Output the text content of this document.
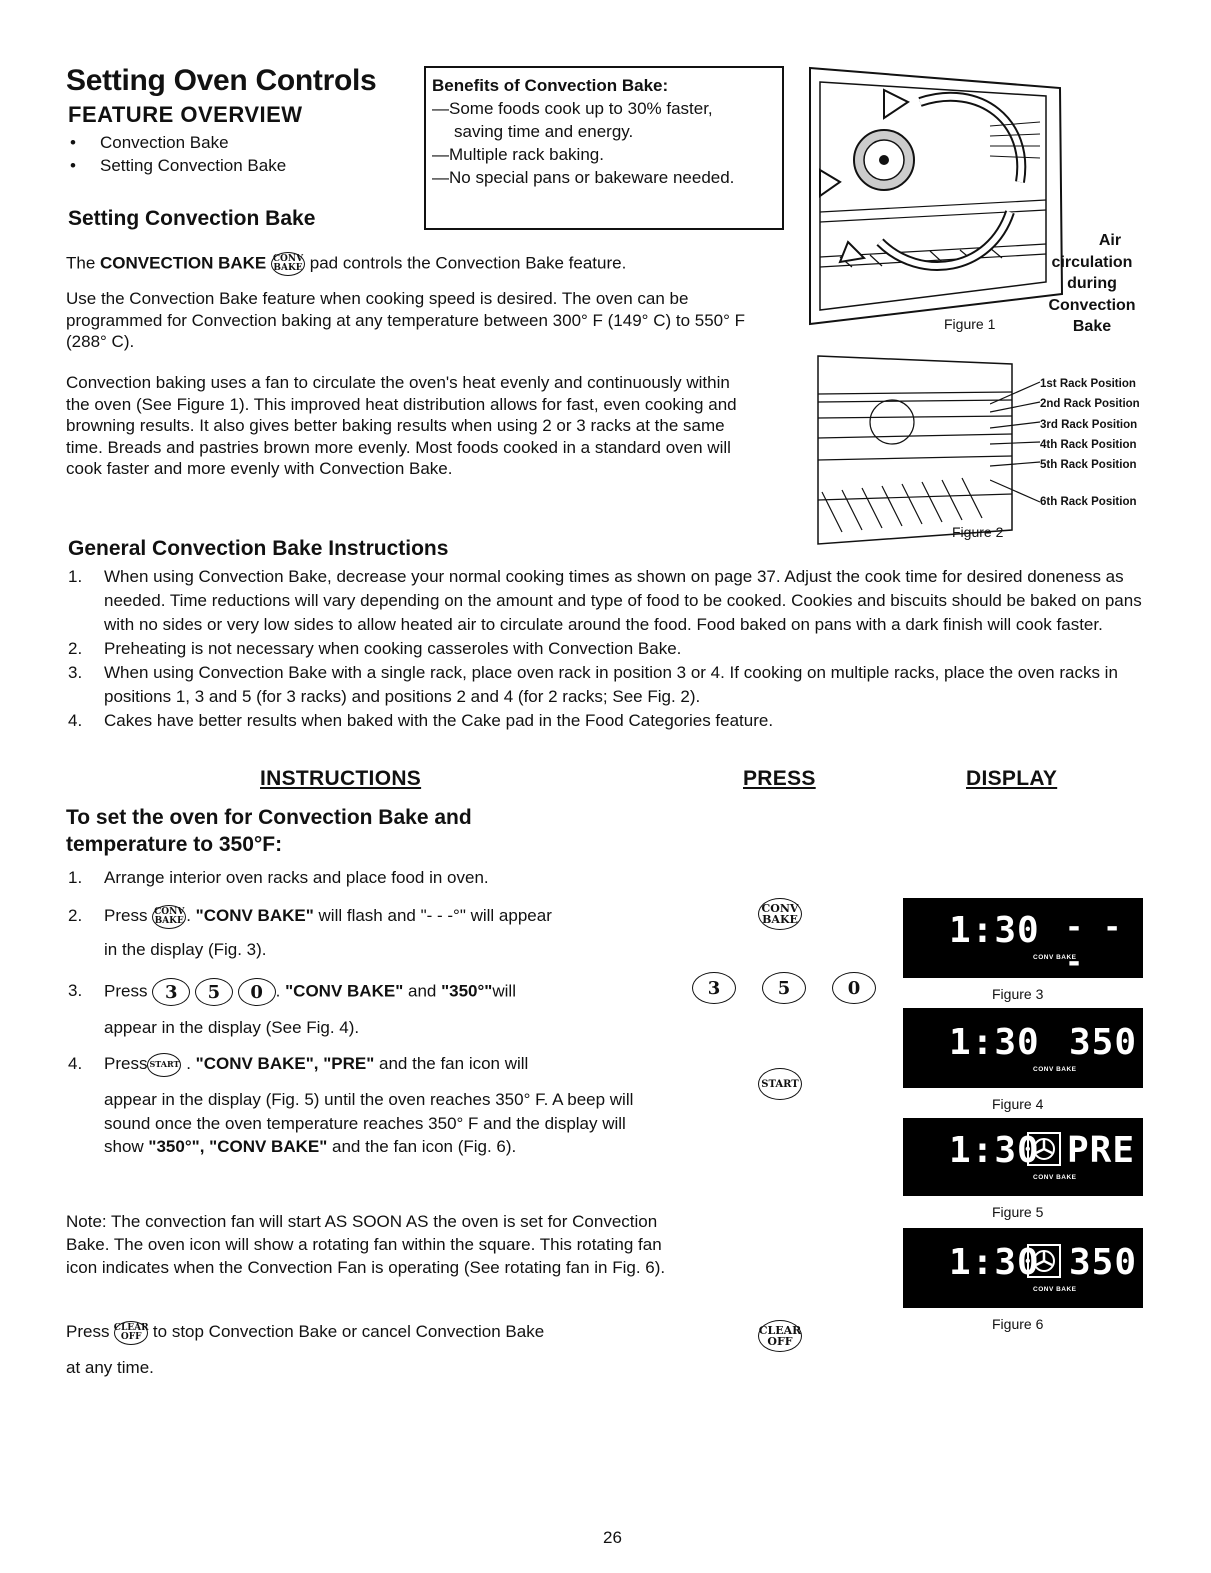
Setting Oven Controls
FEATURE OVERVIEW
• Convection Bake
• Setting Convection Bake
Setting Convection Bake
Benefits of Convection Bake:
—Some foods cook up to 30% faster,
saving time and energy.
—Multiple rack baking.
—No special pans or bakeware needed.
The CONVECTION BAKE CONV
BAKE pad controls the Convection Bake feature.
Use the Convection Bake feature when cooking speed is desired. The oven can be programmed for Convection baking at any temperature between 300° F (149° C) to 550° F (288° C).
Convection baking uses a fan to circulate the oven's heat evenly and continuously within the oven (See Figure 1). This improved heat distribution allows for fast, even cooking and browning results. It also gives better baking results when using 2 or 3 racks at the same time. Breads and pastries brown more evenly. Most foods cooked in a standard oven will cook faster and more evenly with Convection Bake.
Air
circulation
during
Convection
Bake
Figure 1
1st Rack Position
2nd Rack Position
3rd Rack Position
4th Rack Position
5th Rack Position
6th Rack Position
Figure 2
General Convection Bake Instructions
1. When using Convection Bake, decrease your normal cooking times as shown on page 37. Adjust the cook time for desired doneness as needed. Time reductions will vary depending on the amount and type of food to be cooked. Cookies and biscuits should be baked on pans with no sides or very low sides to allow heated air to circulate around the food. Food baked on pans with a dark finish will cook faster.
2. Preheating is not necessary when cooking casseroles with Convection Bake.
3. When using Convection Bake with a single rack, place oven rack in position 3 or 4. If cooking on multiple racks, place the oven racks in positions 1, 3 and 5 (for 3 racks) and positions 2 and 4 (for 2 racks; See Fig. 2).
4. Cakes have better results when baked with the Cake pad in the Food Categories feature.
INSTRUCTIONS	PRESS	DISPLAY
To set the oven for Convection Bake and
temperature to 350°F:
1. Arrange interior oven racks and place food in oven.
2. Press CONV
BAKE . "CONV BAKE" will flash and "- - -°" will appear
in the display (Fig. 3).
3. Press 3 5 0 . "CONV BAKE" and "350°"will
appear in the display (See Fig. 4).
4. Press START . "CONV BAKE", "PRE" and the fan icon will
appear in the display (Fig. 5) until the oven reaches 350° F. A beep will sound once the oven temperature reaches 350° F and the display will show "350°", "CONV BAKE" and the fan icon (Fig. 6).
Note: The convection fan will start AS SOON AS the oven is set for Convection Bake. The oven icon will show a rotating fan within the square. This rotating fan icon indicates when the Convection Fan is operating (See rotating fan in Fig. 6).
Press CLEAR
OFF to stop Convection Bake or cancel Convection Bake
at any time.
CONV
BAKE
3	5	0
START
CLEAR
OFF
1:30 - - -
CONV BAKE
Figure 3
1:30 350
CONV BAKE
Figure 4
1:30 PRE
CONV BAKE
Figure 5
1:30 350
CONV BAKE
Figure 6
26
